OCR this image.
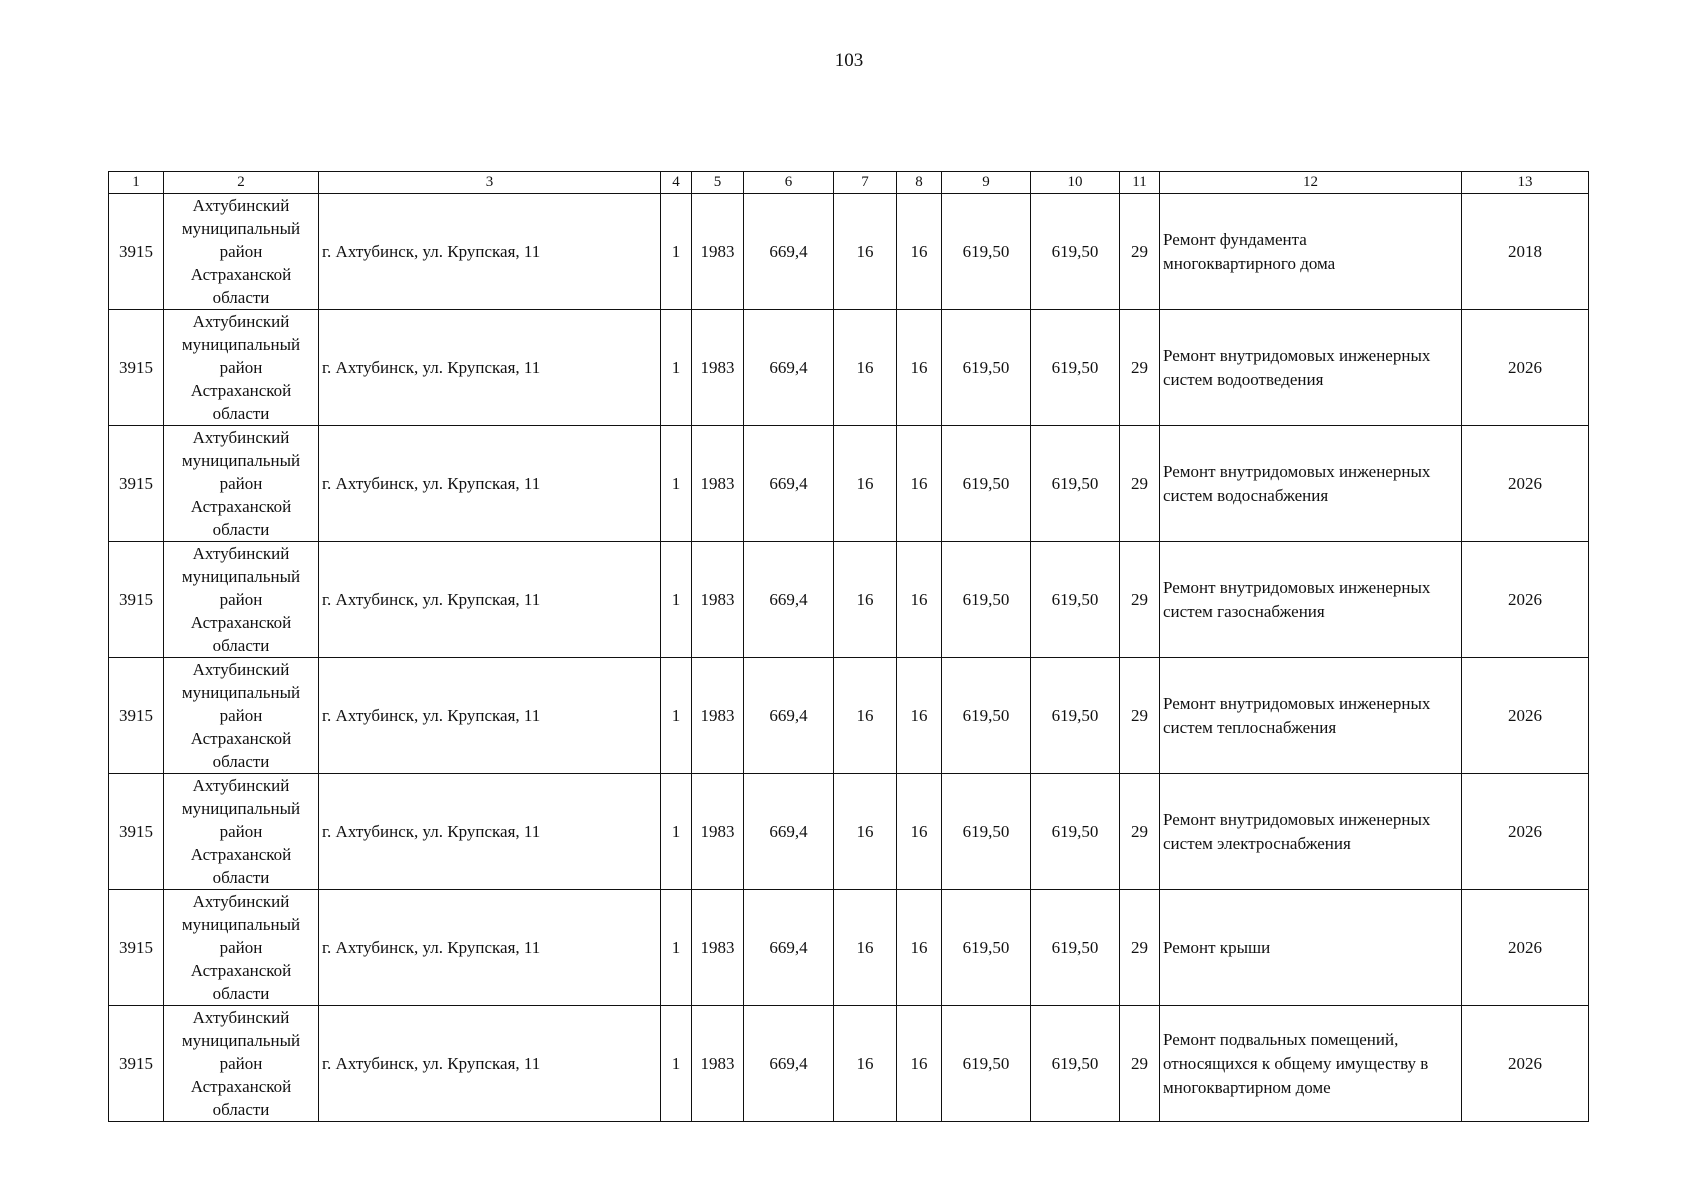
103
1	2	3	4	5	6	7	8	9	10	11	12	13
3915	Ахтубинский
муниципальный
район
Астраханской
области	г. Ахтубинск, ул. Крупская, 11	1	1983	669,4	16	16	619,50	619,50	29	Ремонт фундамента
многоквартирного дома	2018
3915	Ахтубинский
муниципальный
район
Астраханской
области	г. Ахтубинск, ул. Крупская, 11	1	1983	669,4	16	16	619,50	619,50	29	Ремонт внутридомовых инженерных
систем водоотведения	2026
3915	Ахтубинский
муниципальный
район
Астраханской
области	г. Ахтубинск, ул. Крупская, 11	1	1983	669,4	16	16	619,50	619,50	29	Ремонт внутридомовых инженерных
систем водоснабжения	2026
3915	Ахтубинский
муниципальный
район
Астраханской
области	г. Ахтубинск, ул. Крупская, 11	1	1983	669,4	16	16	619,50	619,50	29	Ремонт внутридомовых инженерных
систем газоснабжения	2026
3915	Ахтубинский
муниципальный
район
Астраханской
области	г. Ахтубинск, ул. Крупская, 11	1	1983	669,4	16	16	619,50	619,50	29	Ремонт внутридомовых инженерных
систем теплоснабжения	2026
3915	Ахтубинский
муниципальный
район
Астраханской
области	г. Ахтубинск, ул. Крупская, 11	1	1983	669,4	16	16	619,50	619,50	29	Ремонт внутридомовых инженерных
систем электроснабжения	2026
3915	Ахтубинский
муниципальный
район
Астраханской
области	г. Ахтубинск, ул. Крупская, 11	1	1983	669,4	16	16	619,50	619,50	29	Ремонт крыши	2026
3915	Ахтубинский
муниципальный
район
Астраханской
области	г. Ахтубинск, ул. Крупская, 11	1	1983	669,4	16	16	619,50	619,50	29	Ремонт подвальных помещений,
относящихся к общему имуществу в
многоквартирном доме	2026
